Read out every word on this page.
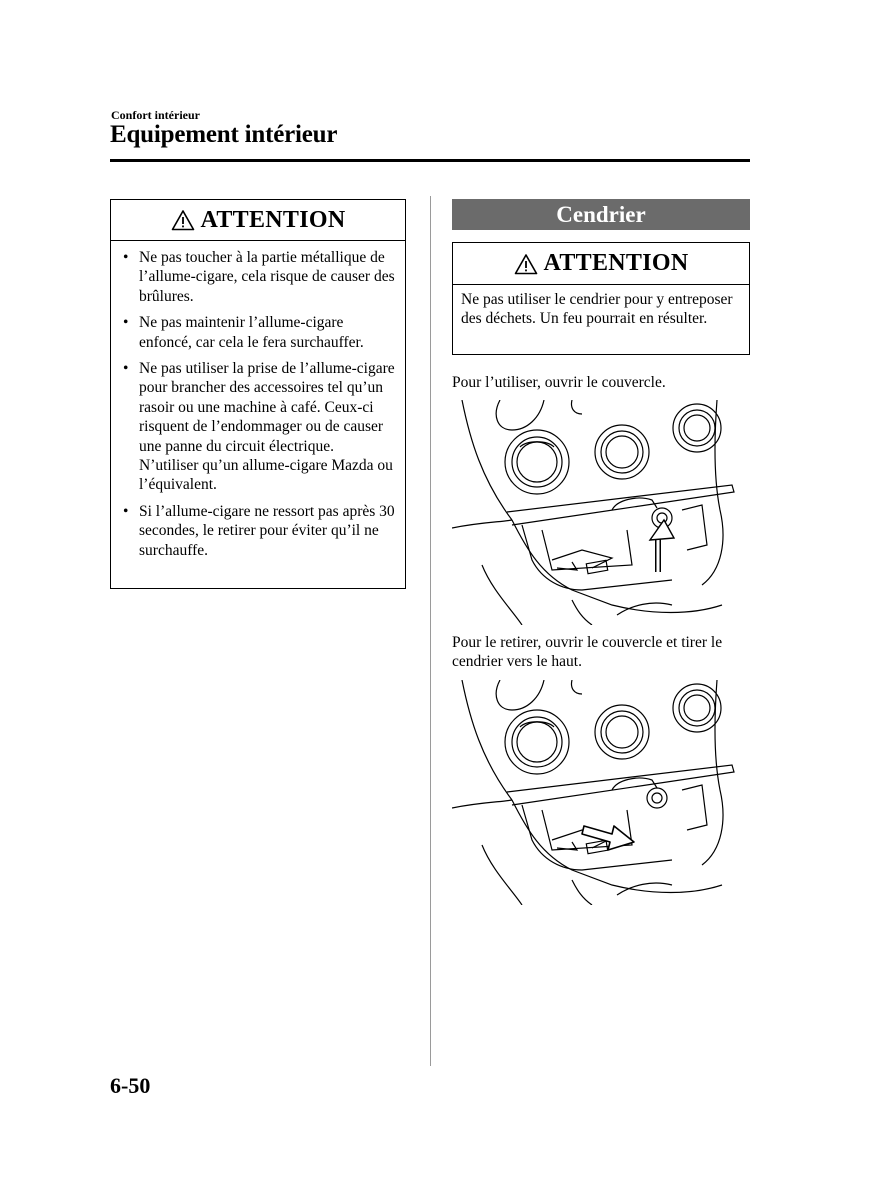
Confort intérieur
Equipement intérieur
ATTENTION
• Ne pas toucher à la partie métallique de l’allume-cigare, cela risque de causer des brûlures.
• Ne pas maintenir l’allume-cigare enfoncé, car cela le fera surchauffer.
• Ne pas utiliser la prise de l’allume-cigare pour brancher des accessoires tel qu’un rasoir ou une machine à café. Ceux-ci risquent de l’endommager ou de causer une panne du circuit électrique. N’utiliser qu’un allume-cigare Mazda ou l’équivalent.
• Si l’allume-cigare ne ressort pas après 30 secondes, le retirer pour éviter qu’il ne surchauffe.
Cendrier
ATTENTION
Ne pas utiliser le cendrier pour y entreposer des déchets. Un feu pourrait en résulter.
Pour l’utiliser, ouvrir le couvercle.
Pour le retirer, ouvrir le couvercle et tirer le cendrier vers le haut.
6-50
